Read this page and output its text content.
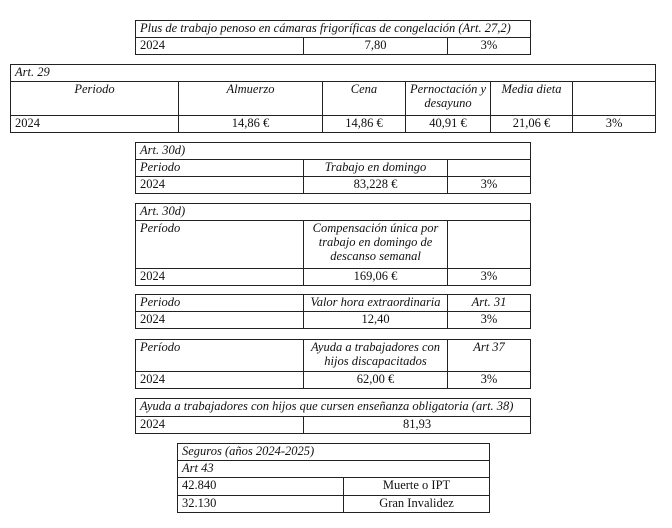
Plus de trabajo penoso en cámaras frigoríficas de congelación (Art. 27,2)
2024	7,80	3%
Art. 29					
Periodo	Almuerzo	Cena	Pernoctación y desayuno	Media dieta	
2024	14,86 €	14,86 €	40,91 €	21,06 €	3%
Art. 30d)		
Periodo	Trabajo en domingo	
2024	83,228 €	3%
Art. 30d)		
Período	Compensación única por trabajo en domingo de descanso semanal	
2024	169,06 €	3%
Periodo	Valor hora extraordinaria	Art. 31
2024	12,40	3%
Período	Ayuda a trabajadores con hijos discapacitados	Art 37
2024	62,00 €	3%
Ayuda a trabajadores con hijos que cursen enseñanza obligatoria (art. 38)
2024	81,93
Seguros (años 2024-2025)	
Art 43	
42.840	Muerte o IPT
32.130	Gran Invalidez
